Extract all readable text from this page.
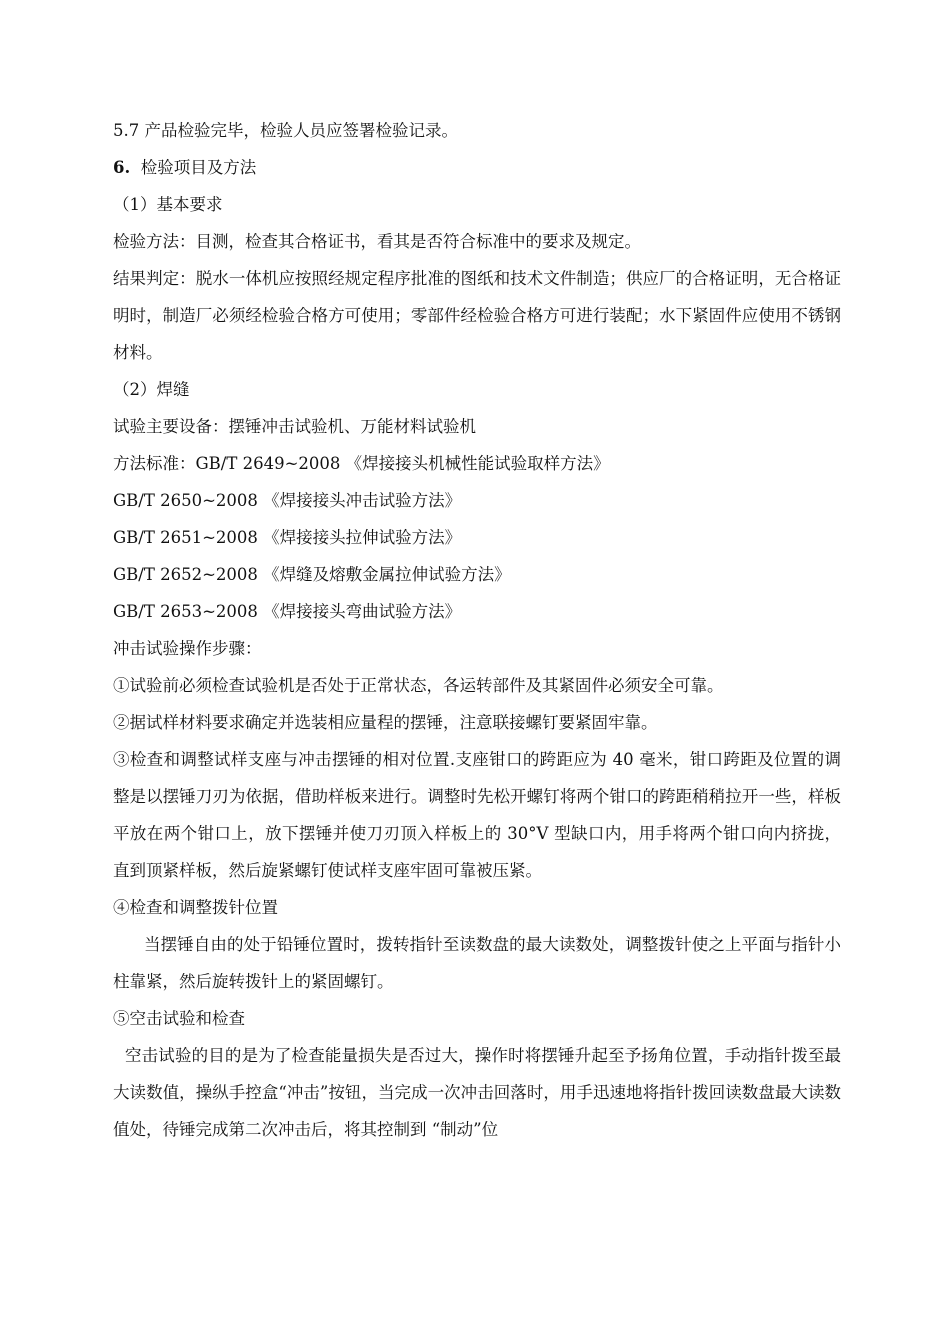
5.7 产品检验完毕，检验人员应签署检验记录。

6. 检验项目及方法

（1）基本要求

检验方法：目测，检查其合格证书，看其是否符合标准中的要求及规定。

结果判定：脱水一体机应按照经规定程序批准的图纸和技术文件制造；供应厂的合格证明，无合格证明时，制造厂必须经检验合格方可使用；零部件经检验合格方可进行装配；水下紧固件应使用不锈钢材料。

（2）焊缝

试验主要设备：摆锤冲击试验机、万能材料试验机

方法标准：GB/T 2649~2008 《焊接接头机械性能试验取样方法》

GB/T 2650~2008 《焊接接头冲击试验方法》

GB/T 2651~2008 《焊接接头拉伸试验方法》

GB/T 2652~2008 《焊缝及熔敷金属拉伸试验方法》

GB/T 2653~2008 《焊接接头弯曲试验方法》

冲击试验操作步骤：

①试验前必须检查试验机是否处于正常状态，各运转部件及其紧固件必须安全可靠。

②据试样材料要求确定并选装相应量程的摆锤，注意联接螺钉要紧固牢靠。

③检查和调整试样支座与冲击摆锤的相对位置.支座钳口的跨距应为 40 毫米，钳口跨距及位置的调整是以摆锤刀刃为依据，借助样板来进行。调整时先松开螺钉将两个钳口的跨距稍稍拉开一些，样板平放在两个钳口上，放下摆锤并使刀刃顶入样板上的 30°V 型缺口内，用手将两个钳口向内挤拢，直到顶紧样板，然后旋紧螺钉使试样支座牢固可靠被压紧。

④检查和调整拨针位置

当摆锤自由的处于铅锤位置时，拨转指针至读数盘的最大读数处，调整拨针使之上平面与指针小柱靠紧，然后旋转拨针上的紧固螺钉。

⑤空击试验和检查

空击试验的目的是为了检查能量损失是否过大，操作时将摆锤升起至予扬角位置，手动指针拨至最大读数值，操纵手控盒“冲击”按钮，当完成一次冲击回落时，用手迅速地将指针拨回读数盘最大读数值处，待锤完成第二次冲击后，将其控制到 “制动”位
